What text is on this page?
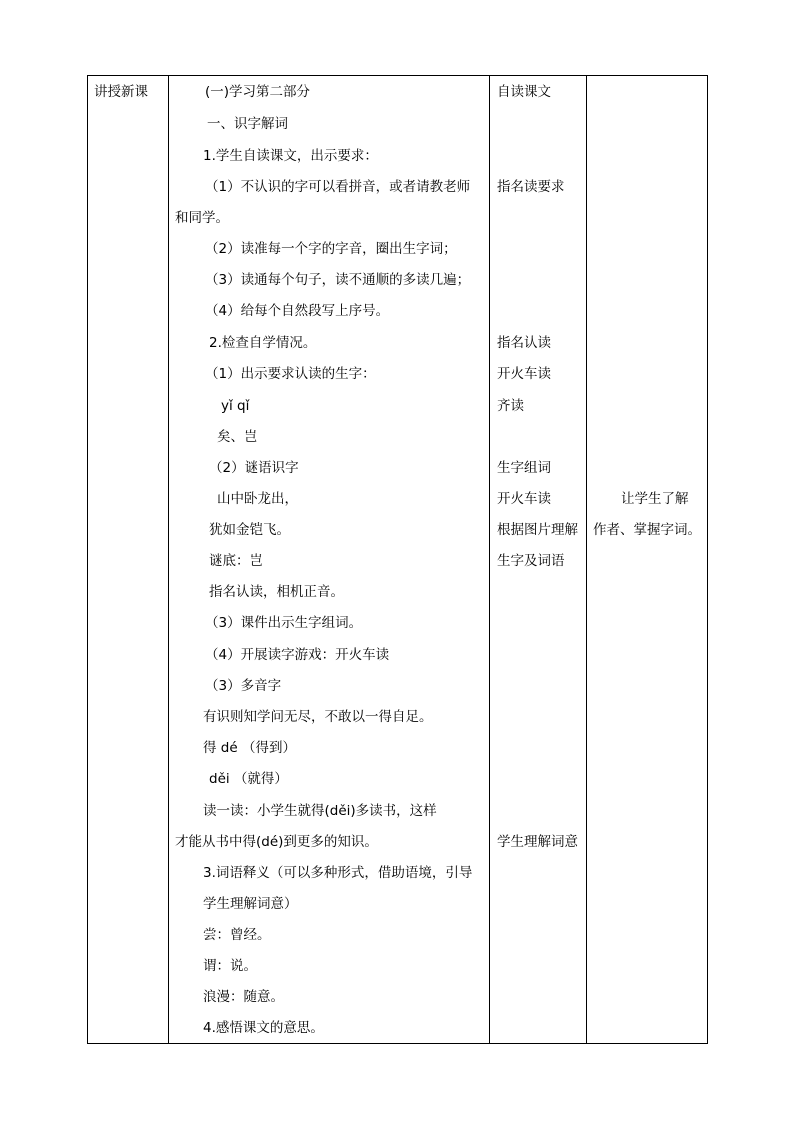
讲授新课	(一)学习第二部分
一、识字解词
1.学生自读课文，出示要求：
（1）不认识的字可以看拼音，或者请教老师
和同学。
（2）读准每一个字的字音，圈出生字词；
（3）读通每个句子，读不通顺的多读几遍；
（4）给每个自然段写上序号。
2.检查自学情况。
（1）出示要求认读的生字：
yǐ qǐ
矣、岂
（2）谜语识字
山中卧龙出，
犹如金铠飞。
谜底：岂
指名认读，相机正音。
（3）课件出示生字组词。
（4）开展读字游戏：开火车读
（3）多音字
有识则知学问无尽，不敢以一得自足。
得 dé （得到）
děi （就得）
读一读：小学生就得(děi)多读书，这样
才能从书中得(dé)到更多的知识。
3.词语释义（可以多种形式，借助语境，引导
学生理解词意）
尝：曾经。
谓：说。
浪漫：随意。
4.感悟课文的意思。

自读课文
指名读要求
指名认读
开火车读
齐读
生字组词
开火车读
根据图片理解
生字及词语
学生理解词意

让学生了解
作者、掌握字词。
